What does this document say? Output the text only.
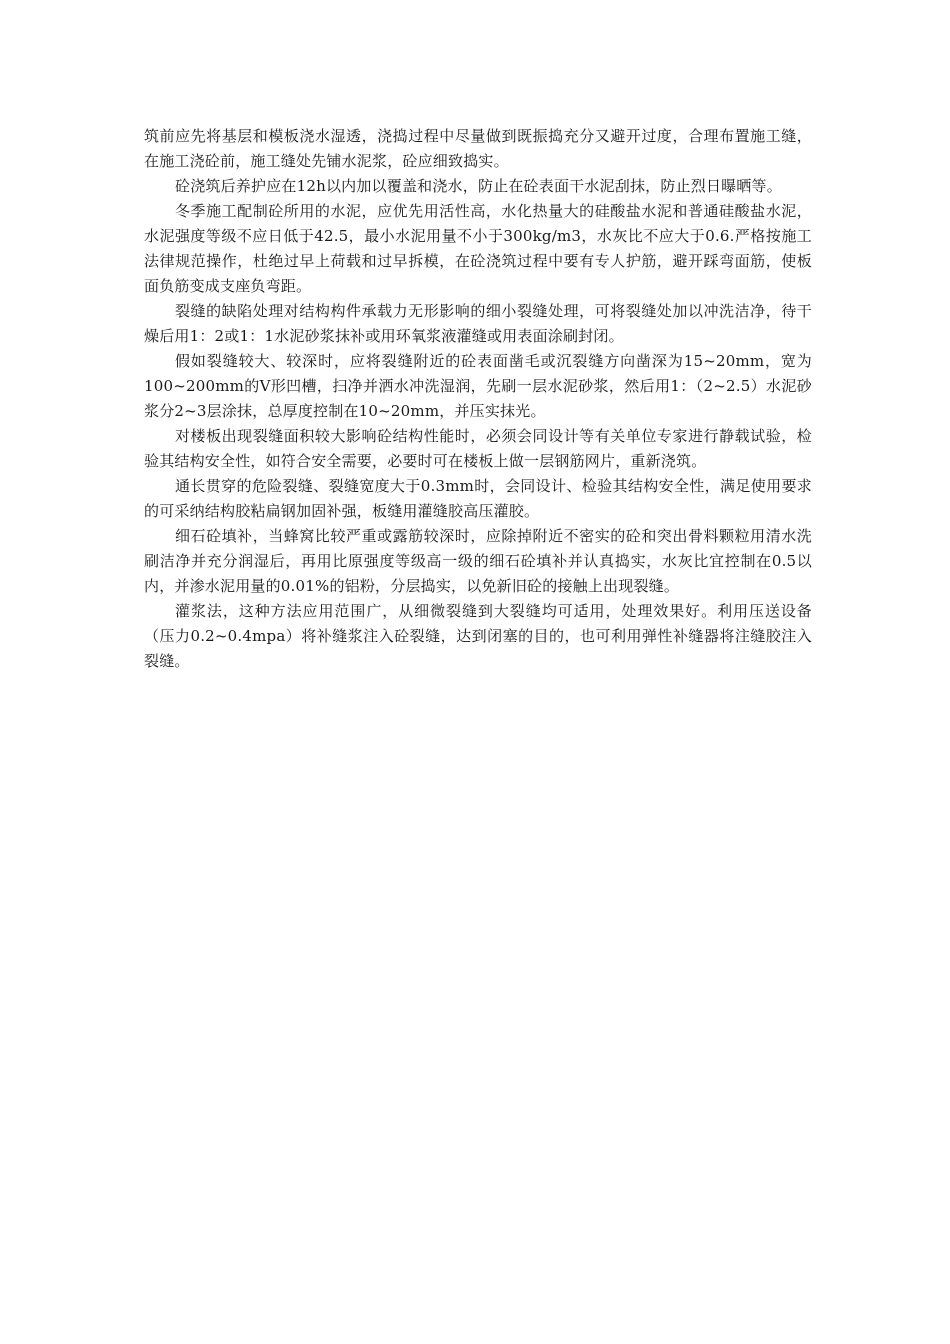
筑前应先将基层和模板浇水湿透，浇捣过程中尽量做到既振捣充分又避开过度，合理布置施工缝，在施工浇砼前，施工缝处先铺水泥浆，砼应细致捣实。

砼浇筑后养护应在12h以内加以覆盖和浇水，防止在砼表面干水泥刮抹，防止烈日曝晒等。

冬季施工配制砼所用的水泥，应优先用活性高，水化热量大的硅酸盐水泥和普通硅酸盐水泥，水泥强度等级不应日低于42.5，最小水泥用量不小于300kg/m3，水灰比不应大于0.6.严格按施工法律规范操作，杜绝过早上荷载和过早拆模，在砼浇筑过程中要有专人护筋，避开踩弯面筋，使板面负筋变成支座负弯距。

裂缝的缺陷处理对结构构件承载力无形影响的细小裂缝处理，可将裂缝处加以冲洗洁净，待干燥后用1：2或1：1水泥砂浆抹补或用环氧浆液灌缝或用表面涂刷封闭。

假如裂缝较大、较深时，应将裂缝附近的砼表面凿毛或沉裂缝方向凿深为15~20mm，宽为100~200mm的V形凹槽，扫净并洒水冲洗湿润，先刷一层水泥砂浆，然后用1：（2~2.5）水泥砂浆分2~3层涂抹，总厚度控制在10~20mm，并压实抹光。

对楼板出现裂缝面积较大影响砼结构性能时，必须会同设计等有关单位专家进行静载试验，检验其结构安全性，如符合安全需要，必要时可在楼板上做一层钢筋网片，重新浇筑。

通长贯穿的危险裂缝、裂缝宽度大于0.3mm时，会同设计、检验其结构安全性，满足使用要求的可采纳结构胶粘扁钢加固补强，板缝用灌缝胶高压灌胶。

细石砼填补，当蜂窝比较严重或露筋较深时，应除掉附近不密实的砼和突出骨料颗粒用清水洗刷洁净并充分润湿后，再用比原强度等级高一级的细石砼填补并认真捣实，水灰比宜控制在0.5以内，并渗水泥用量的0.01%的铝粉，分层捣实，以免新旧砼的接触上出现裂缝。

灌浆法，这种方法应用范围广，从细微裂缝到大裂缝均可适用，处理效果好。利用压送设备（压力0.2~0.4mpa）将补缝浆注入砼裂缝，达到闭塞的目的，也可利用弹性补缝器将注缝胶注入裂缝。
